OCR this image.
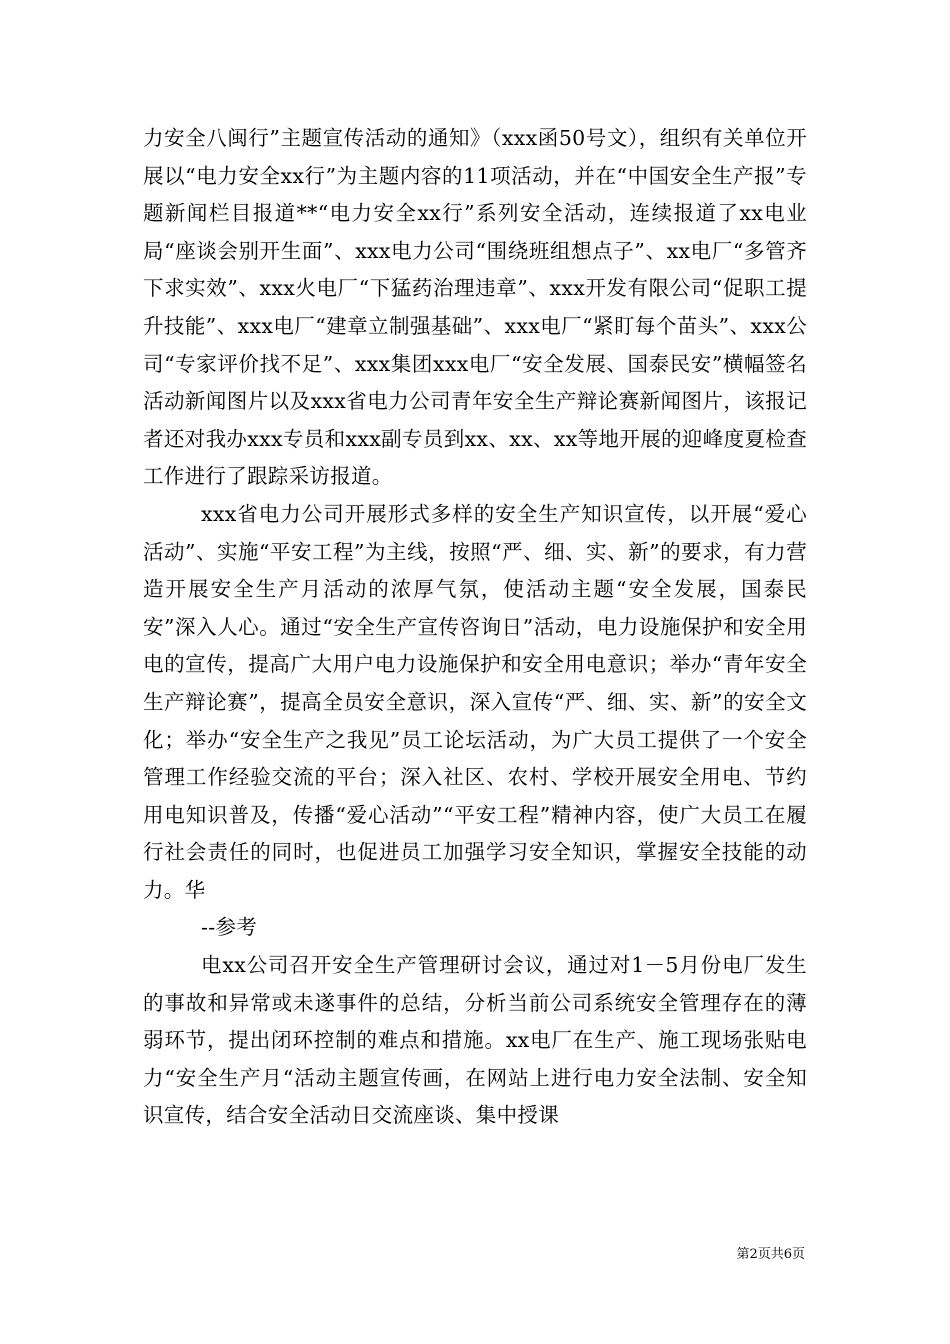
力安全八闽行”主题宣传活动的通知》（xxx函50号文），组织有关单位开展以“电力安全xx行”为主题内容的11项活动，并在“中国安全生产报”专题新闻栏目报道**“电力安全xx行”系列安全活动，连续报道了xx电业局“座谈会别开生面”、xxx电力公司“围绕班组想点子”、xx电厂“多管齐下求实效”、xxx火电厂“下猛药治理违章”、xxx开发有限公司“促职工提升技能”、xxx电厂“建章立制强基础”、xxx电厂“紧盯每个苗头”、xxx公司“专家评价找不足”、xxx集团xxx电厂“安全发展、国泰民安”横幅签名活动新闻图片以及xxx省电力公司青年安全生产辩论赛新闻图片，该报记者还对我办xxx专员和xxx副专员到xx、xx、xx等地开展的迎峰度夏检查工作进行了跟踪采访报道。

xxx省电力公司开展形式多样的安全生产知识宣传，以开展“爱心活动”、实施“平安工程”为主线，按照“严、细、实、新”的要求，有力营造开展安全生产月活动的浓厚气氛，使活动主题“安全发展，国泰民安”深入人心。通过“安全生产宣传咨询日”活动，电力设施保护和安全用电的宣传，提高广大用户电力设施保护和安全用电意识；举办“青年安全生产辩论赛”，提高全员安全意识，深入宣传“严、细、实、新”的安全文化；举办“安全生产之我见”员工论坛活动，为广大员工提供了一个安全管理工作经验交流的平台；深入社区、农村、学校开展安全用电、节约用电知识普及，传播“爱心活动”“平安工程”精神内容，使广大员工在履行社会责任的同时，也促进员工加强学习安全知识，掌握安全技能的动力。华

--参考

电xx公司召开安全生产管理研讨会议，通过对1－5月份电厂发生的事故和异常或未遂事件的总结，分析当前公司系统安全管理存在的薄弱环节，提出闭环控制的难点和措施。xx电厂在生产、施工现场张贴电力“安全生产月“活动主题宣传画，在网站上进行电力安全法制、安全知识宣传，结合安全活动日交流座谈、集中授课

第2页共6页
